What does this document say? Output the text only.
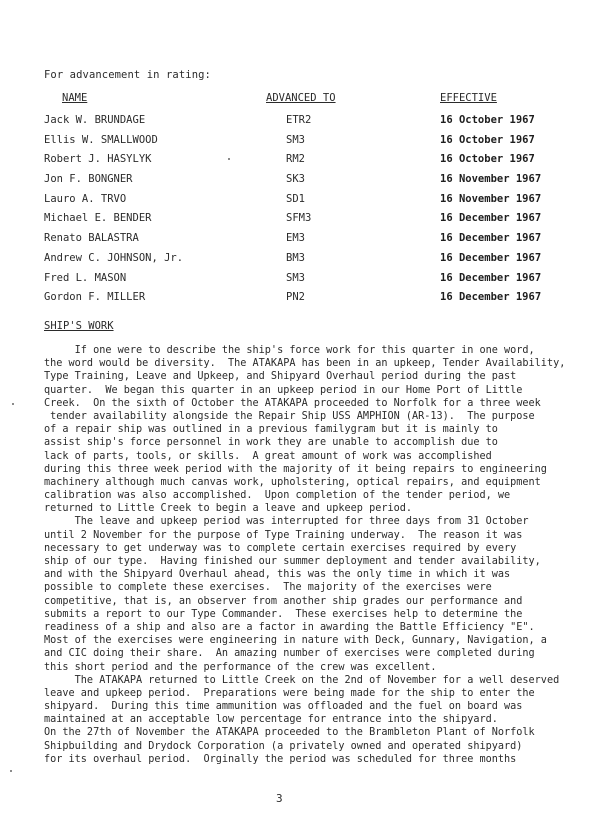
For advancement in rating:
NAME	ADVANCED TO	EFFECTIVE
Jack W. BRUNDAGE	ETR2	16 October 1967
Ellis W. SMALLWOOD	SM3	16 October 1967
Robert J. HASYLYK	RM2	16 October 1967
Jon F. BONGNER	SK3	16 November 1967
Lauro A. TRVO	SD1	16 November 1967
Michael E. BENDER	SFM3	16 December 1967
Renato BALASTRA	EM3	16 December 1967
Andrew C. JOHNSON, Jr.	BM3	16 December 1967
Fred L. MASON	SM3	16 December 1967
Gordon F. MILLER	PN2	16 December 1967
SHIP'S WORK
If one were to describe the ship's force work for this quarter in one word,
the word would be diversity.  The ATAKAPA has been in an upkeep, Tender Availability,
Type Training, Leave and Upkeep, and Shipyard Overhaul period during the past
quarter.  We began this quarter in an upkeep period in our Home Port of Little
Creek.  On the sixth of October the ATAKAPA proceeded to Norfolk for a three week
tender availability alongside the Repair Ship USS AMPHION (AR-13).  The purpose
of a repair ship was outlined in a previous familygram but it is mainly to
assist ship's force personnel in work they are unable to accomplish due to
lack of parts, tools, or skills.  A great amount of work was accomplished
during this three week period with the majority of it being repairs to engineering
machinery although much canvas work, upholstering, optical repairs, and equipment
calibration was also accomplished.  Upon completion of the tender period, we
returned to Little Creek to begin a leave and upkeep period.
The leave and upkeep period was interrupted for three days from 31 October
until 2 November for the purpose of Type Training underway.  The reason it was
necessary to get underway was to complete certain exercises required by every
ship of our type.  Having finished our summer deployment and tender availability,
and with the Shipyard Overhaul ahead, this was the only time in which it was
possible to complete these exercises.  The majority of the exercises were
competitive, that is, an observer from another ship grades our performance and
submits a report to our Type Commander.  These exercises help to determine the
readiness of a ship and also are a factor in awarding the Battle Efficiency "E".
Most of the exercises were engineering in nature with Deck, Gunnary, Navigation, a
and CIC doing their share.  An amazing number of exercises were completed during
this short period and the performance of the crew was excellent.
The ATAKAPA returned to Little Creek on the 2nd of November for a well deserved
leave and upkeep period.  Preparations were being made for the ship to enter the
shipyard.  During this time ammunition was offloaded and the fuel on board was
maintained at an acceptable low percentage for entrance into the shipyard.
On the 27th of November the ATAKAPA proceeded to the Brambleton Plant of Norfolk
Shipbuilding and Drydock Corporation (a privately owned and operated shipyard)
for its overhaul period.  Orginally the period was scheduled for three months
3
